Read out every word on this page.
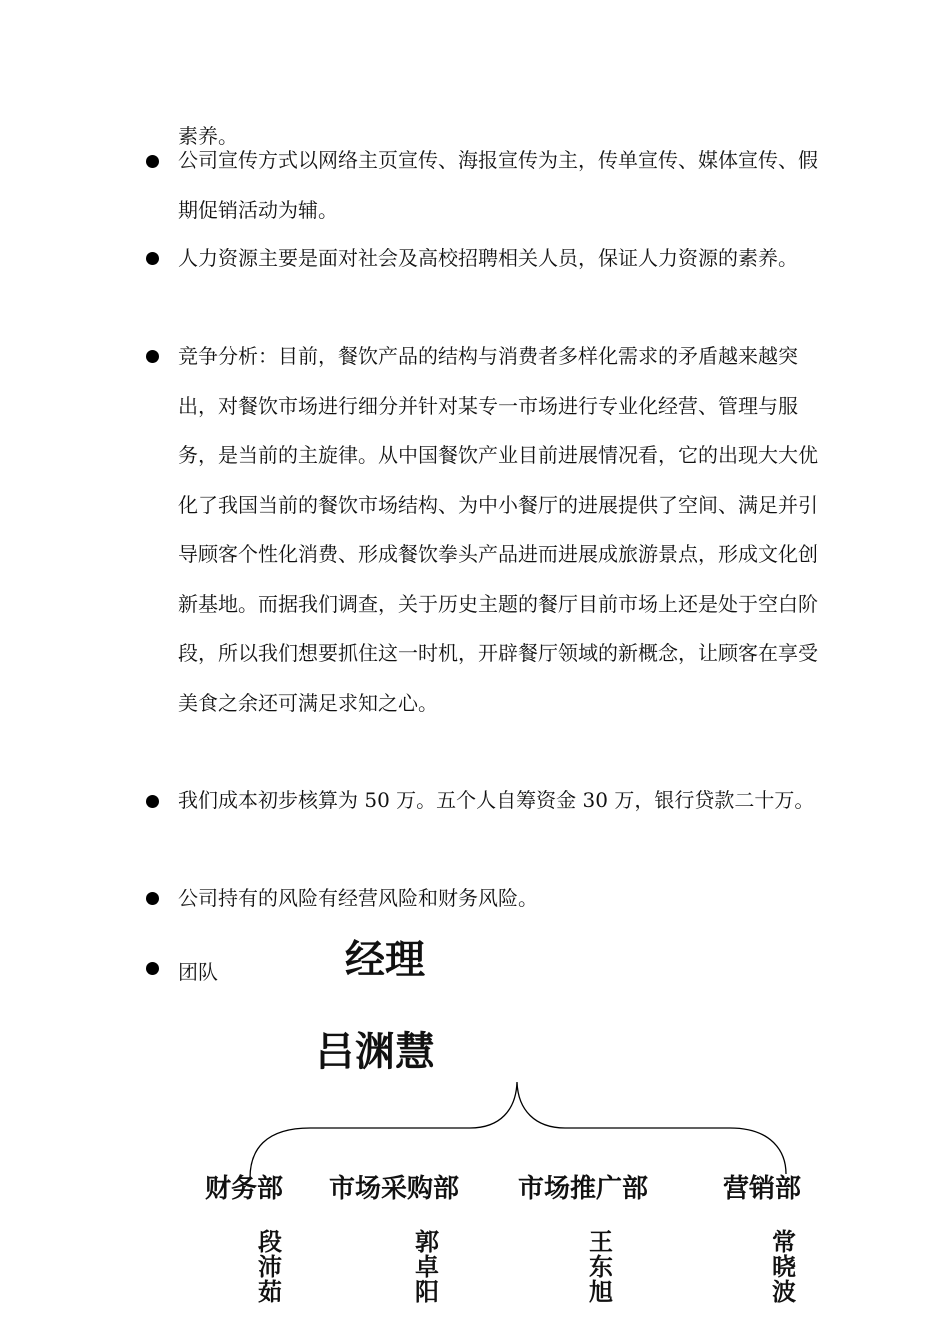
素养。

公司宣传方式以网络主页宣传、海报宣传为主，传单宣传、媒体宣传、假期促销活动为辅。

人力资源主要是面对社会及高校招聘相关人员，保证人力资源的素养。

竞争分析：目前，餐饮产品的结构与消费者多样化需求的矛盾越来越突出，对餐饮市场进行细分并针对某专一市场进行专业化经营、管理与服务，是当前的主旋律。从中国餐饮产业目前进展情况看，它的出现大大优化了我国当前的餐饮市场结构、为中小餐厅的进展提供了空间、满足并引导顾客个性化消费、形成餐饮拳头产品进而进展成旅游景点，形成文化创新基地。而据我们调查，关于历史主题的餐厅目前市场上还是处于空白阶段，所以我们想要抓住这一时机，开辟餐厅领域的新概念，让顾客在享受美食之余还可满足求知之心。

我们成本初步核算为 50 万。五个人自筹资金 30 万，银行贷款二十万。

公司持有的风险有经营风险和财务风险。

团队	经理
吕渊慧
财务部 市场采购部 市场推广部	营销部
段沛茹
郭卓阳
王东旭
常晓波
